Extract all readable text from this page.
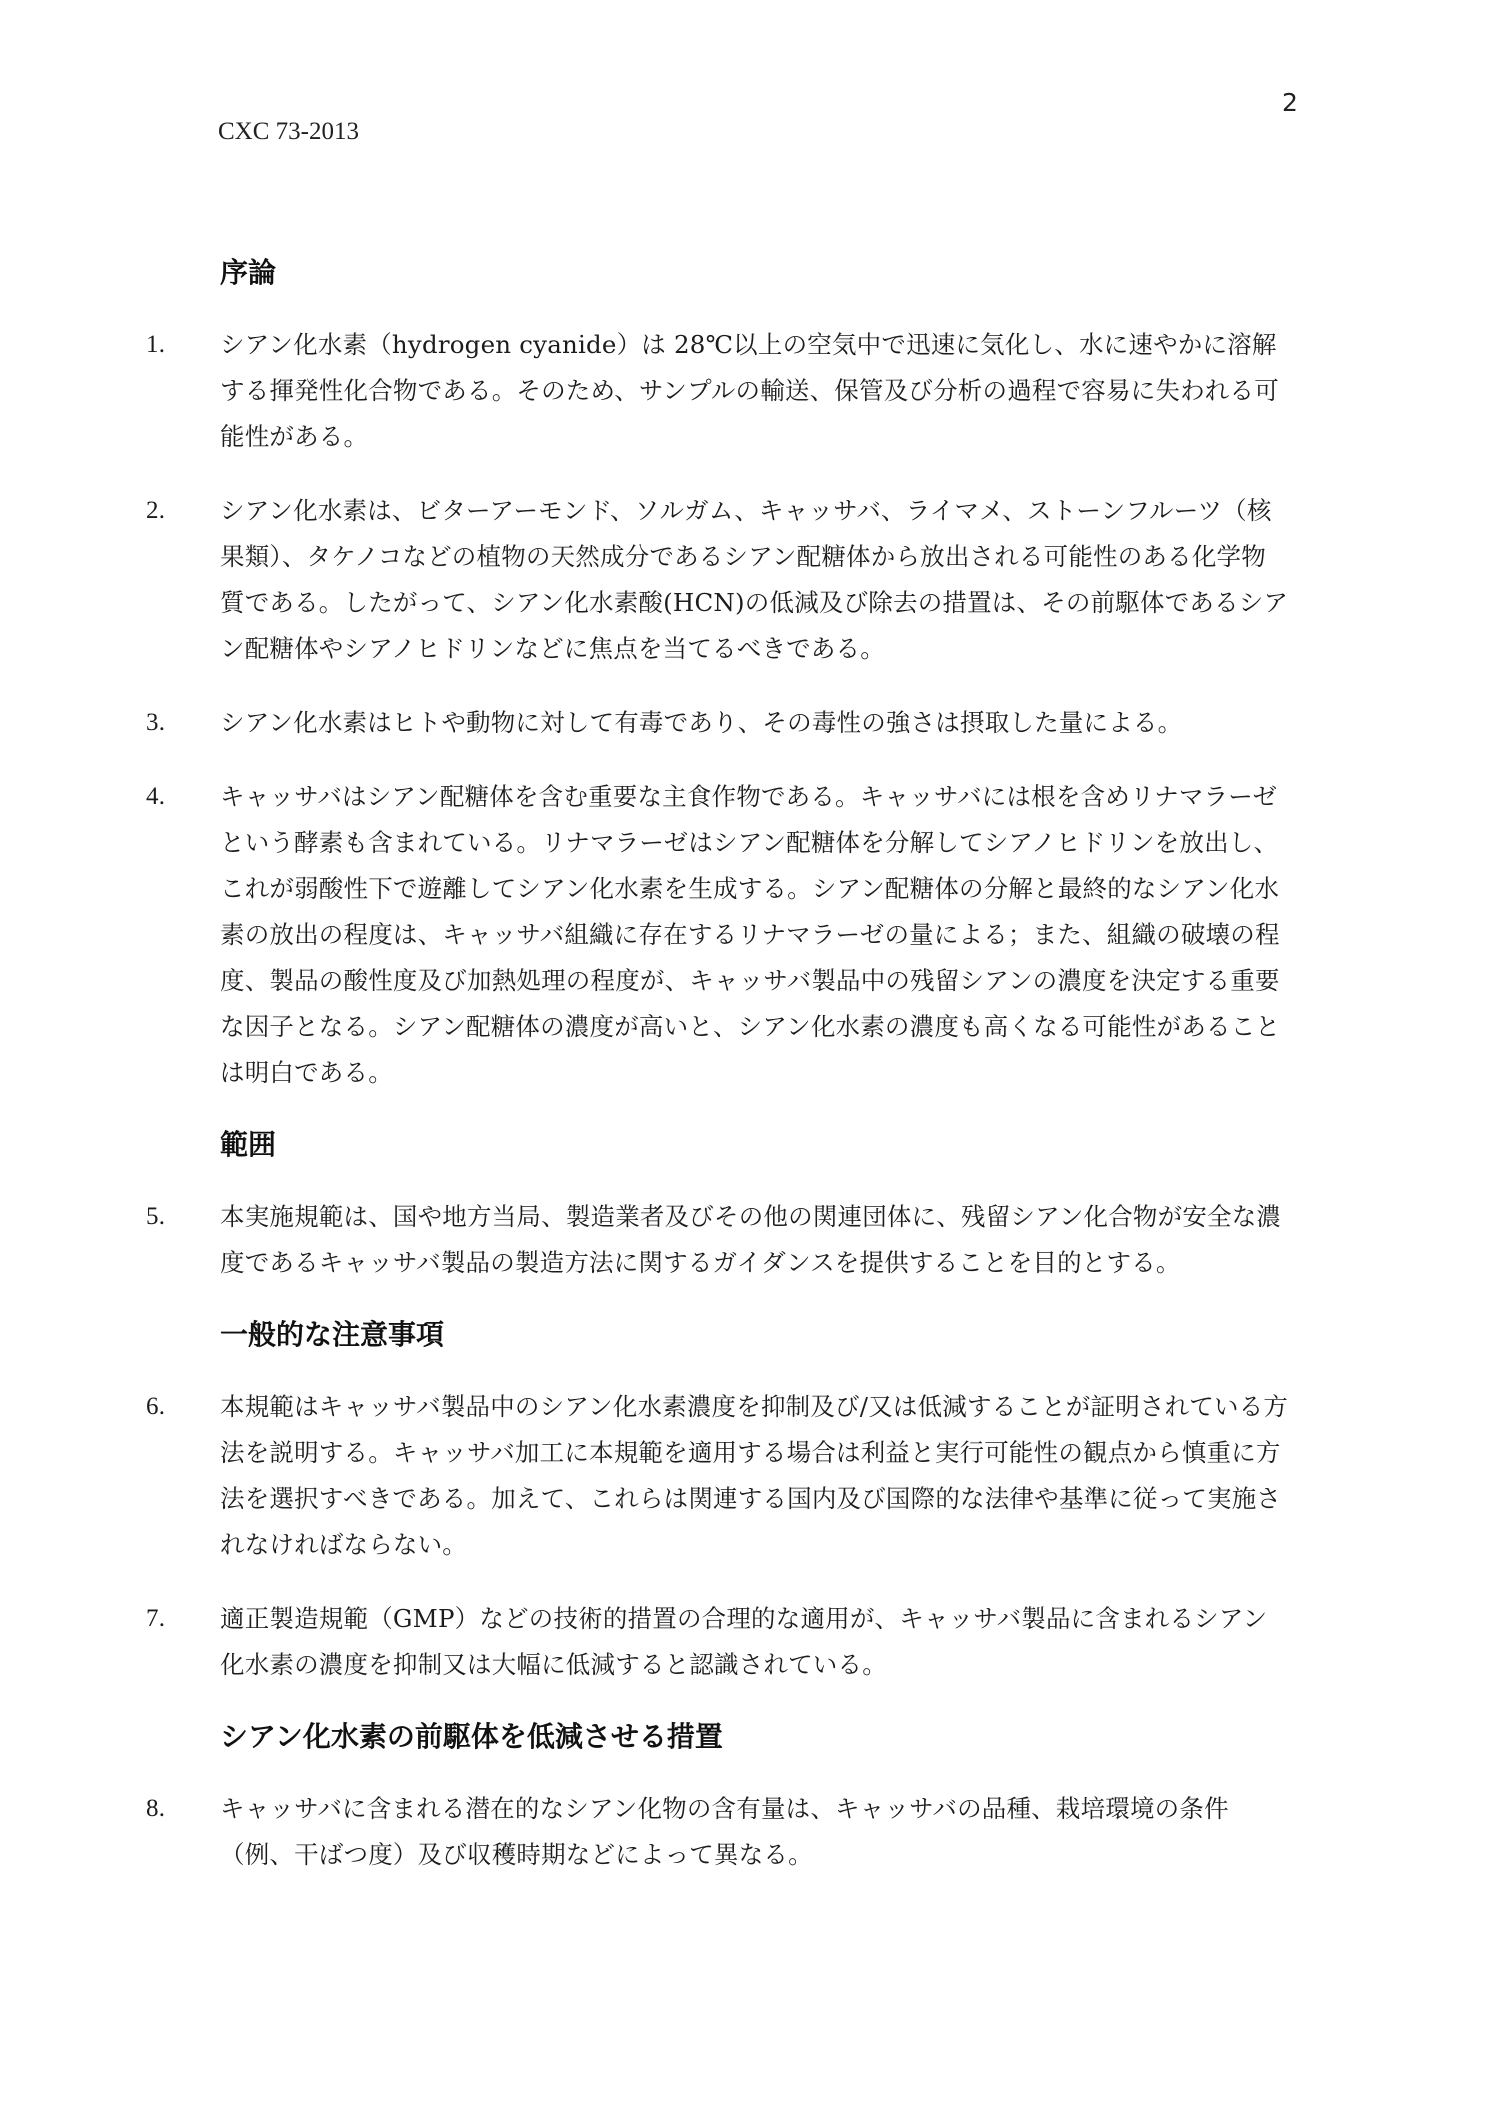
2
CXC 73-2013
序論
1. シアン化水素（hydrogen cyanide）は 28℃以上の空気中で迅速に気化し、水に速やかに溶解する揮発性化合物である。そのため、サンプルの輸送、保管及び分析の過程で容易に失われる可能性がある。
2. シアン化水素は、ビターアーモンド、ソルガム、キャッサバ、ライマメ、ストーンフルーツ（核果類）、タケノコなどの植物の天然成分であるシアン配糖体から放出される可能性のある化学物質である。したがって、シアン化水素酸(HCN)の低減及び除去の措置は、その前駆体であるシアン配糖体やシアノヒドリンなどに焦点を当てるべきである。
3. シアン化水素はヒトや動物に対して有毒であり、その毒性の強さは摂取した量による。
4. キャッサバはシアン配糖体を含む重要な主食作物である。キャッサバには根を含めリナマラーゼという酵素も含まれている。リナマラーゼはシアン配糖体を分解してシアノヒドリンを放出し、これが弱酸性下で遊離してシアン化水素を生成する。シアン配糖体の分解と最終的なシアン化水素の放出の程度は、キャッサバ組織に存在するリナマラーゼの量による；また、組織の破壊の程度、製品の酸性度及び加熱処理の程度が、キャッサバ製品中の残留シアンの濃度を決定する重要な因子となる。シアン配糖体の濃度が高いと、シアン化水素の濃度も高くなる可能性があることは明白である。
範囲
5. 本実施規範は、国や地方当局、製造業者及びその他の関連団体に、残留シアン化合物が安全な濃度であるキャッサバ製品の製造方法に関するガイダンスを提供することを目的とする。
一般的な注意事項
6. 本規範はキャッサバ製品中のシアン化水素濃度を抑制及び/又は低減することが証明されている方法を説明する。キャッサバ加工に本規範を適用する場合は利益と実行可能性の観点から慎重に方法を選択すべきである。加えて、これらは関連する国内及び国際的な法律や基準に従って実施されなければならない。
7. 適正製造規範（GMP）などの技術的措置の合理的な適用が、キャッサバ製品に含まれるシアン化水素の濃度を抑制又は大幅に低減すると認識されている。
シアン化水素の前駆体を低減させる措置
8. キャッサバに含まれる潜在的なシアン化物の含有量は、キャッサバの品種、栽培環境の条件（例、干ばつ度）及び収穫時期などによって異なる。
